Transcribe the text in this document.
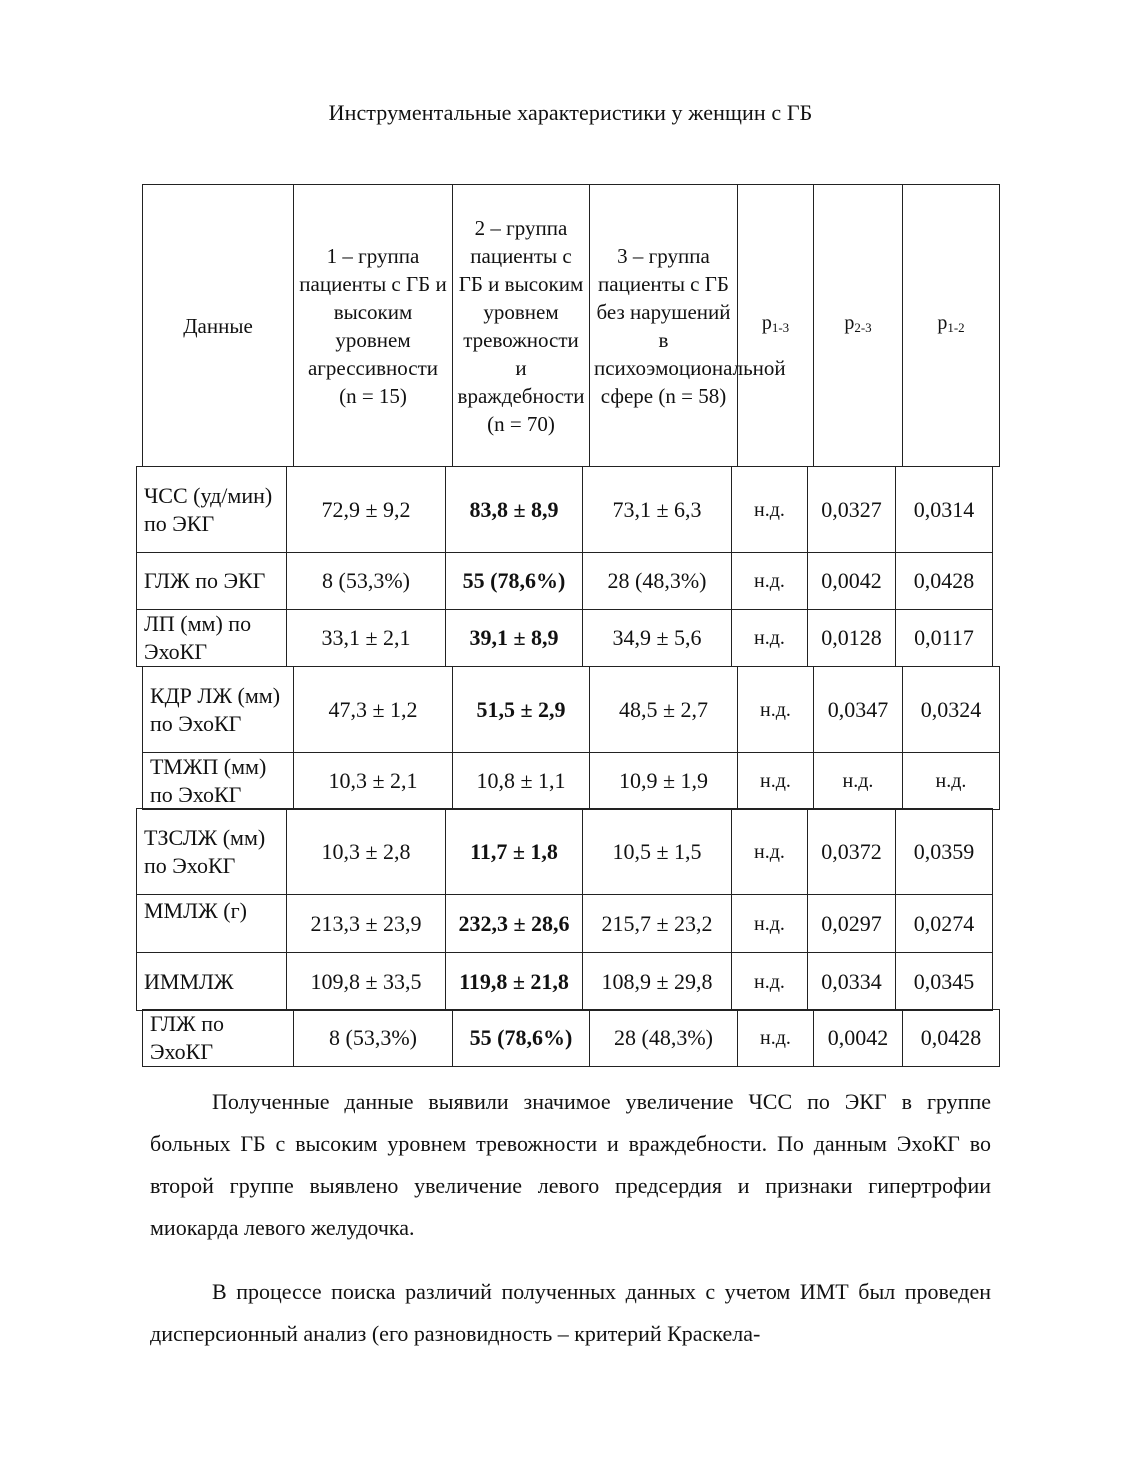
Инструментальные характеристики у женщин с ГБ
Данные	1 – группа пациенты с ГБ и высоким уровнем агрессивности (n = 15)	2 – группа пациенты с ГБ и высоким уровнем тревожности и враждебности (n = 70)	3 – группа пациенты с ГБ без нарушений в психоэмоциональной сфере (n = 58)	$p_{1-3}$	$p_{2-3}$	$p_{1-2}$
ЧСС (уд/мин) по ЭКГ	72,9 ± 9,2	83,8 ± 8,9	73,1 ± 6,3	н.д.	0,0327	0,0314
ГЛЖ по ЭКГ	8 (53,3%)	55 (78,6%)	28 (48,3%)	н.д.	0,0042	0,0428
ЛП (мм) по ЭхоКГ	33,1 ± 2,1	39,1 ± 8,9	34,9 ± 5,6	н.д.	0,0128	0,0117
КДР ЛЖ (мм) по ЭхоКГ	47,3 ± 1,2	51,5 ± 2,9	48,5 ± 2,7	н.д.	0,0347	0,0324
ТМЖП (мм) по ЭхоКГ	10,3 ± 2,1	10,8 ± 1,1	10,9 ± 1,9	н.д.	н.д.	н.д.
ТЗСЛЖ (мм) по ЭхоКГ	10,3 ± 2,8	11,7 ± 1,8	10,5 ± 1,5	н.д.	0,0372	0,0359
ММЛЖ (г)	213,3 ± 23,9	232,3 ± 28,6	215,7 ± 23,2	н.д.	0,0297	0,0274
ИММЛЖ	109,8 ± 33,5	119,8 ± 21,8	108,9 ± 29,8	н.д.	0,0334	0,0345
ГЛЖ по ЭхоКГ	8 (53,3%)	55 (78,6%)	28 (48,3%)	н.д.	0,0042	0,0428

Полученные данные выявили значимое увеличение ЧСС по ЭКГ в группе больных ГБ с высоким уровнем тревожности и враждебности. По данным ЭхоКГ во второй группе выявлено увеличение левого предсердия и признаки гипертрофии миокарда левого желудочка.

В процессе поиска различий полученных данных с учетом ИМТ был проведен дисперсионный анализ (его разновидность – критерий Краскела-
